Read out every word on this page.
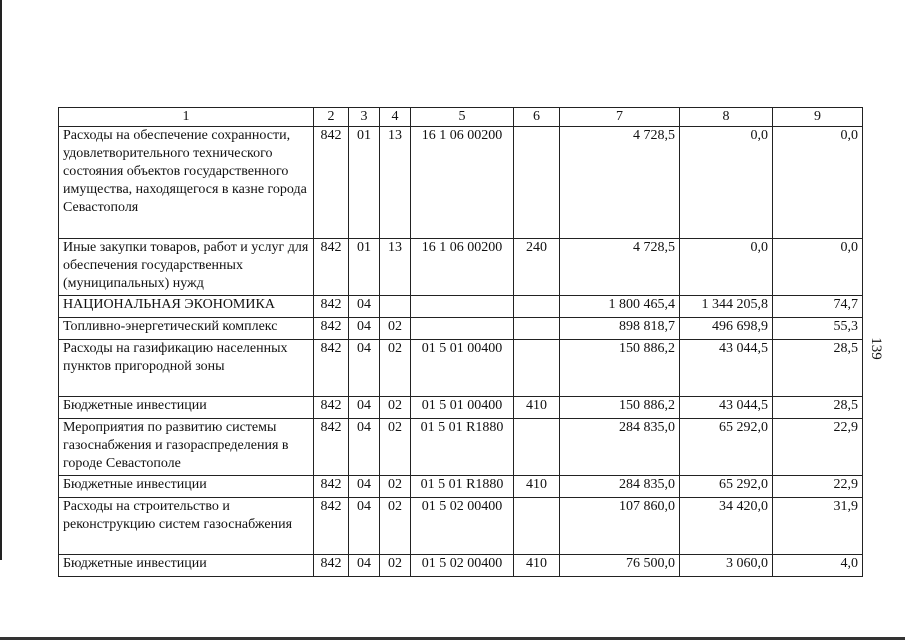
1	2	3	4	5	6	7	8	9
Расходы на обеспечение сохранности, удовлетворительного технического состояния объектов государственного имущества, находящегося в казне города Севастополя	842	01	13	16 1 06 00200		4 728,5	0,0	0,0
Иные закупки товаров, работ и услуг для обеспечения государственных (муниципальных) нужд	842	01	13	16 1 06 00200	240	4 728,5	0,0	0,0
НАЦИОНАЛЬНАЯ ЭКОНОМИКА	842	04				1 800 465,4	1 344 205,8	74,7
Топливно-энергетический комплекс	842	04	02			898 818,7	496 698,9	55,3
Расходы на газификацию населенных пунктов пригородной зоны	842	04	02	01 5 01 00400		150 886,2	43 044,5	28,5
Бюджетные инвестиции	842	04	02	01 5 01 00400	410	150 886,2	43 044,5	28,5
Мероприятия по развитию системы газоснабжения и газораспределения в городе Севастополе	842	04	02	01 5 01 R1880		284 835,0	65 292,0	22,9
Бюджетные инвестиции	842	04	02	01 5 01 R1880	410	284 835,0	65 292,0	22,9
Расходы на строительство и реконструкцию систем газоснабжения	842	04	02	01 5 02 00400		107 860,0	34 420,0	31,9
Бюджетные инвестиции	842	04	02	01 5 02 00400	410	76 500,0	3 060,0	4,0
139
